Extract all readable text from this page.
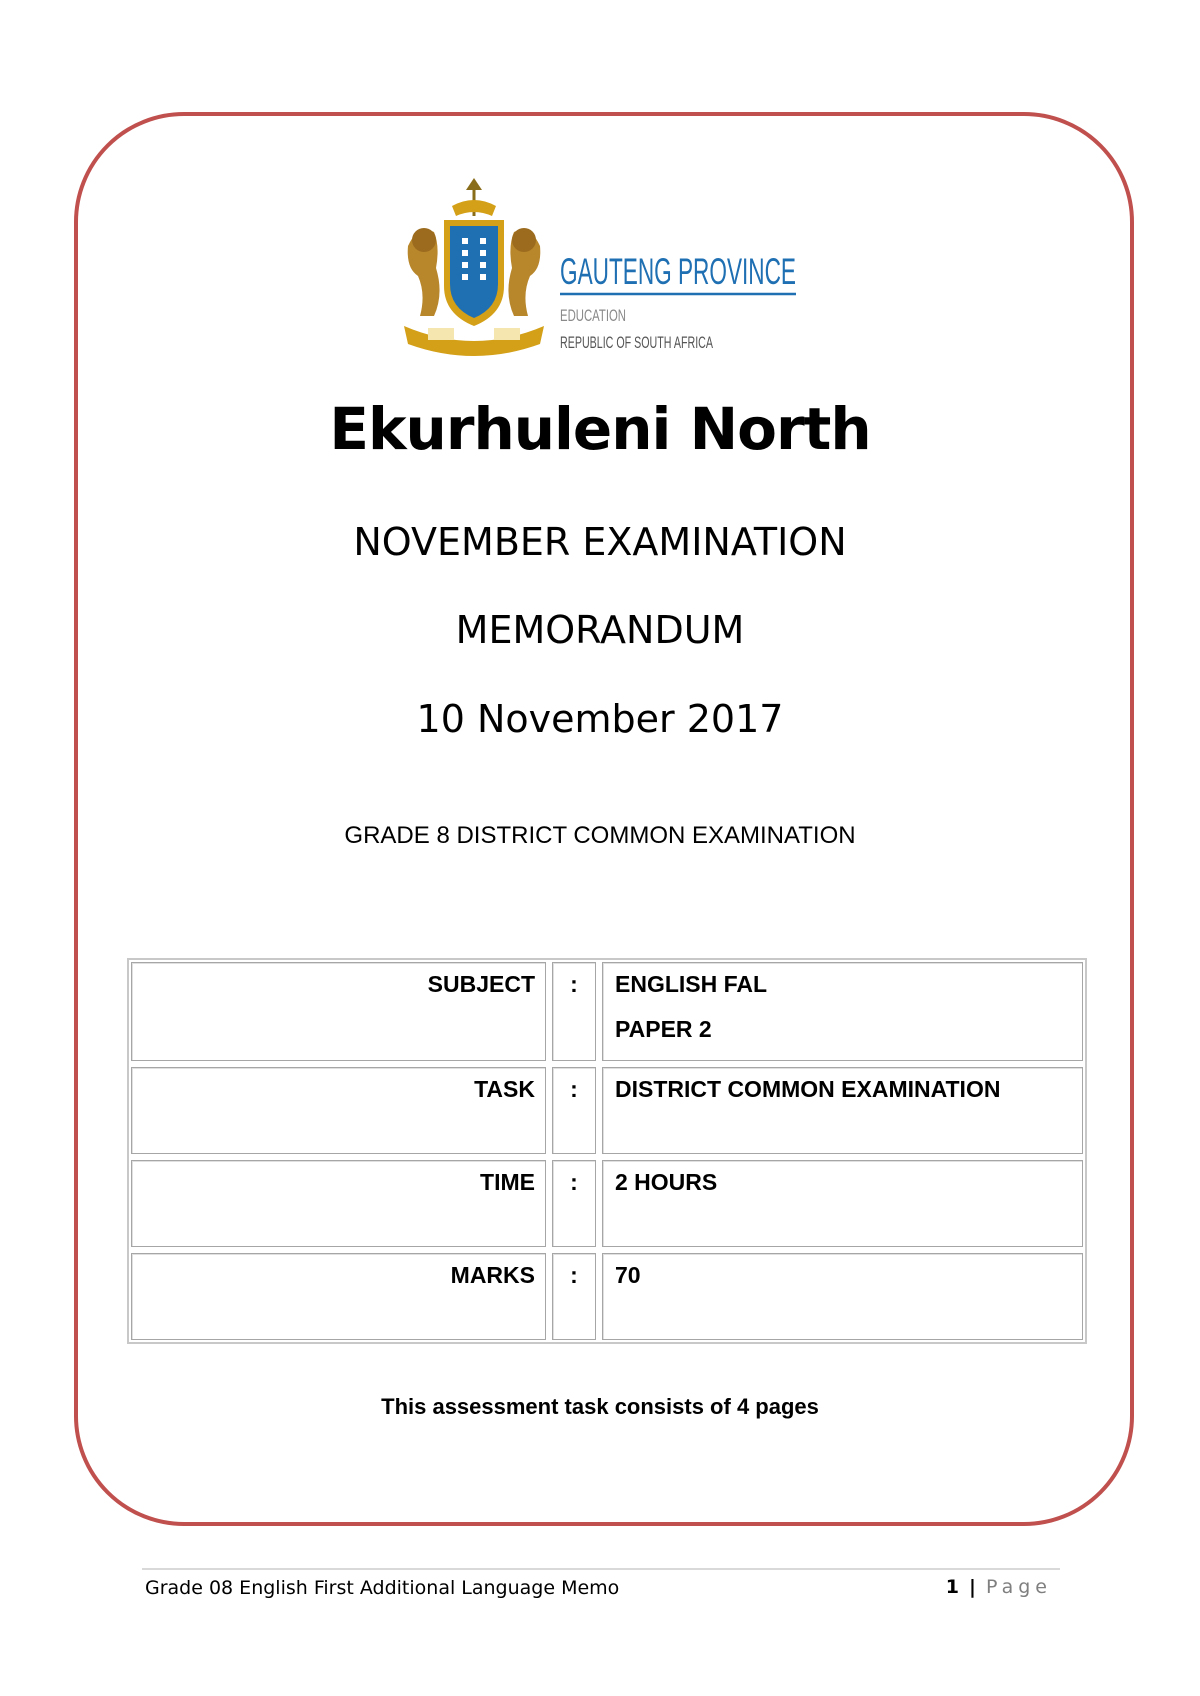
GAUTENG PROVINCE
EDUCATION
REPUBLIC OF SOUTH AFRICA
Ekurhuleni North
NOVEMBER EXAMINATION
MEMORANDUM
10 November 2017
GRADE 8 DISTRICT COMMON EXAMINATION
SUBJECT	:	ENGLISH FAL
PAPER 2
TASK	:	DISTRICT COMMON EXAMINATION
TIME	:	2 HOURS
MARKS	:	70
This assessment task consists of 4 pages
Grade 08 English First Additional Language Memo	1 | Page
